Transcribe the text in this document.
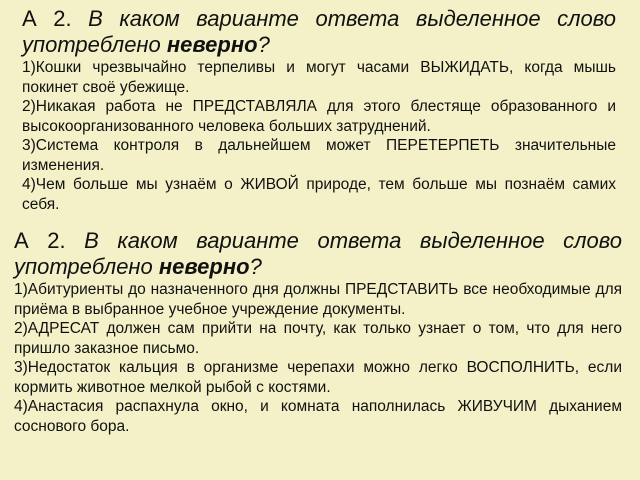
А 2. В каком варианте ответа выделенное слово
употреблено неверно?
1)Кошки чрезвычайно терпеливы и могут часами ВЫЖИДАТЬ, когда мышь покинет своё убежище.
2)Никакая работа не ПРЕДСТАВЛЯЛА для этого блестяще образованного и высокоорганизованного человека больших затруднений.
3)Система контроля в дальнейшем может ПЕРЕТЕРПЕТЬ значительные изменения.
4)Чем больше мы узнаём о ЖИВОЙ природе, тем больше мы познаём самих себя.
А 2. В каком варианте ответа выделенное слово
употреблено неверно?
1)Абитуриенты до назначенного дня должны ПРЕДСТАВИТЬ все необходимые для приёма в выбранное учебное учреждение документы.
2)АДРЕСАТ должен сам прийти на почту, как только узнает о том, что для него пришло заказное письмо.
3)Недостаток кальция в организме черепахи можно легко ВОСПОЛНИТЬ, если кормить животное мелкой рыбой с костями.
4)Анастасия распахнула окно, и комната наполнилась ЖИВУЧИМ дыханием соснового бора.
